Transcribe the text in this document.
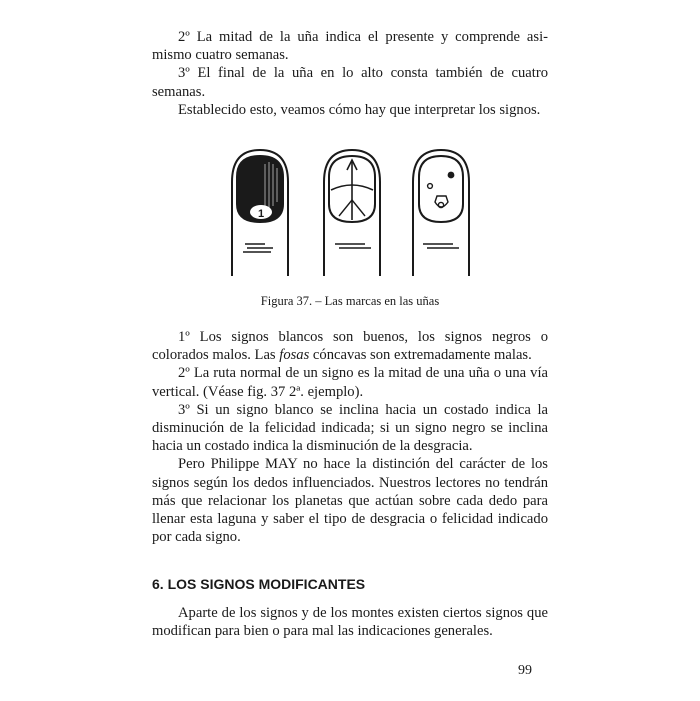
2º La mitad de la uña indica el presente y comprende asi-mismo cuatro semanas.

3º El final de la uña en lo alto consta también de cuatro semanas.

Establecido esto, veamos cómo hay que interpretar los signos.

1
Figura 37. – Las marcas en las uñas

1º Los signos blancos son buenos, los signos negros o colorados malos. Las fosas cóncavas son extremadamente malas.

2º La ruta normal de un signo es la mitad de una uña o una vía vertical. (Véase fig. 37 2ª. ejemplo).

3º Si un signo blanco se inclina hacia un costado indica la disminución de la felicidad indicada; si un signo negro se inclina hacia un costado indica la disminución de la desgracia.

Pero Philippe MAY no hace la distinción del carácter de los signos según los dedos influenciados. Nuestros lectores no tendrán más que relacionar los planetas que actúan sobre cada dedo para llenar esta laguna y saber el tipo de desgracia o felicidad indicado por cada signo.

6. LOS SIGNOS MODIFICANTES

Aparte de los signos y de los montes existen ciertos signos que modifican para bien o para mal las indicaciones generales.

99
